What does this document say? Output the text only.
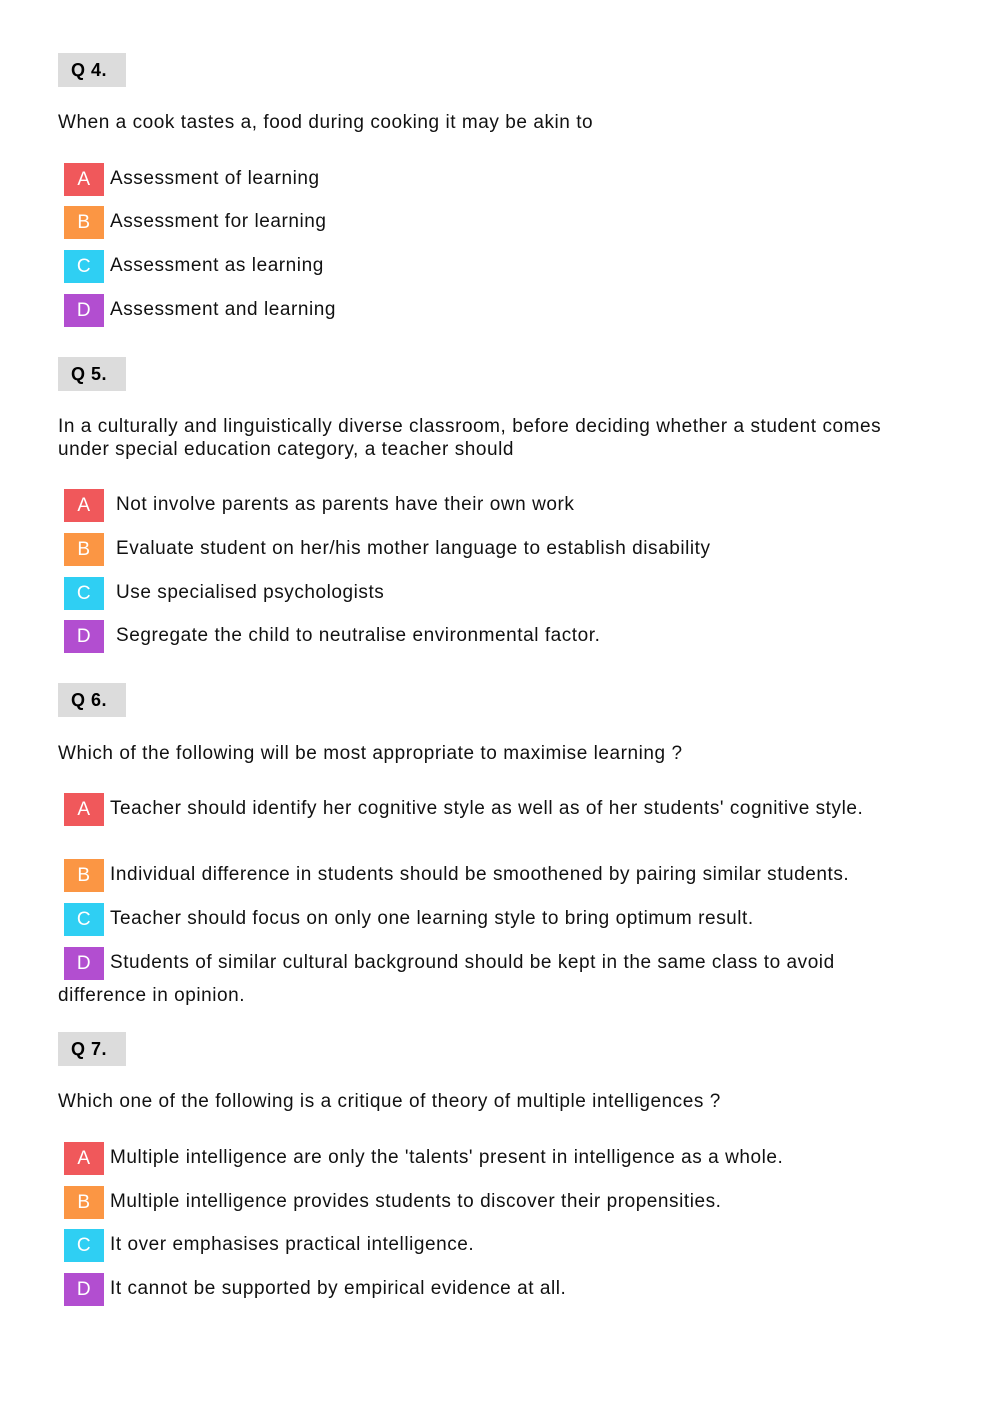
Q 4.
When a cook tastes a, food during cooking it may be akin to
A Assessment of learning
B Assessment for learning
C Assessment as learning
D Assessment and learning
Q 5.
In a culturally and linguistically diverse classroom, before deciding whether a student comes under special education category, a teacher should
A Not involve parents as parents have their own work
B Evaluate student on her/his mother language to establish disability
C Use specialised psychologists
D Segregate the child to neutralise environmental factor.
Q 6.
Which of the following will be most appropriate to maximise learning ?
A Teacher should identify her cognitive style as well as of her students' cognitive style.
B Individual difference in students should be smoothened by pairing similar students.
C Teacher should focus on only one learning style to bring optimum result.
D Students of similar cultural background should be kept in the same class to avoid difference in opinion.
Q 7.
Which one of the following is a critique of theory of multiple intelligences ?
A Multiple intelligence are only the 'talents' present in intelligence as a whole.
B Multiple intelligence provides students to discover their propensities.
C It over emphasises practical intelligence.
D It cannot be supported by empirical evidence at all.
